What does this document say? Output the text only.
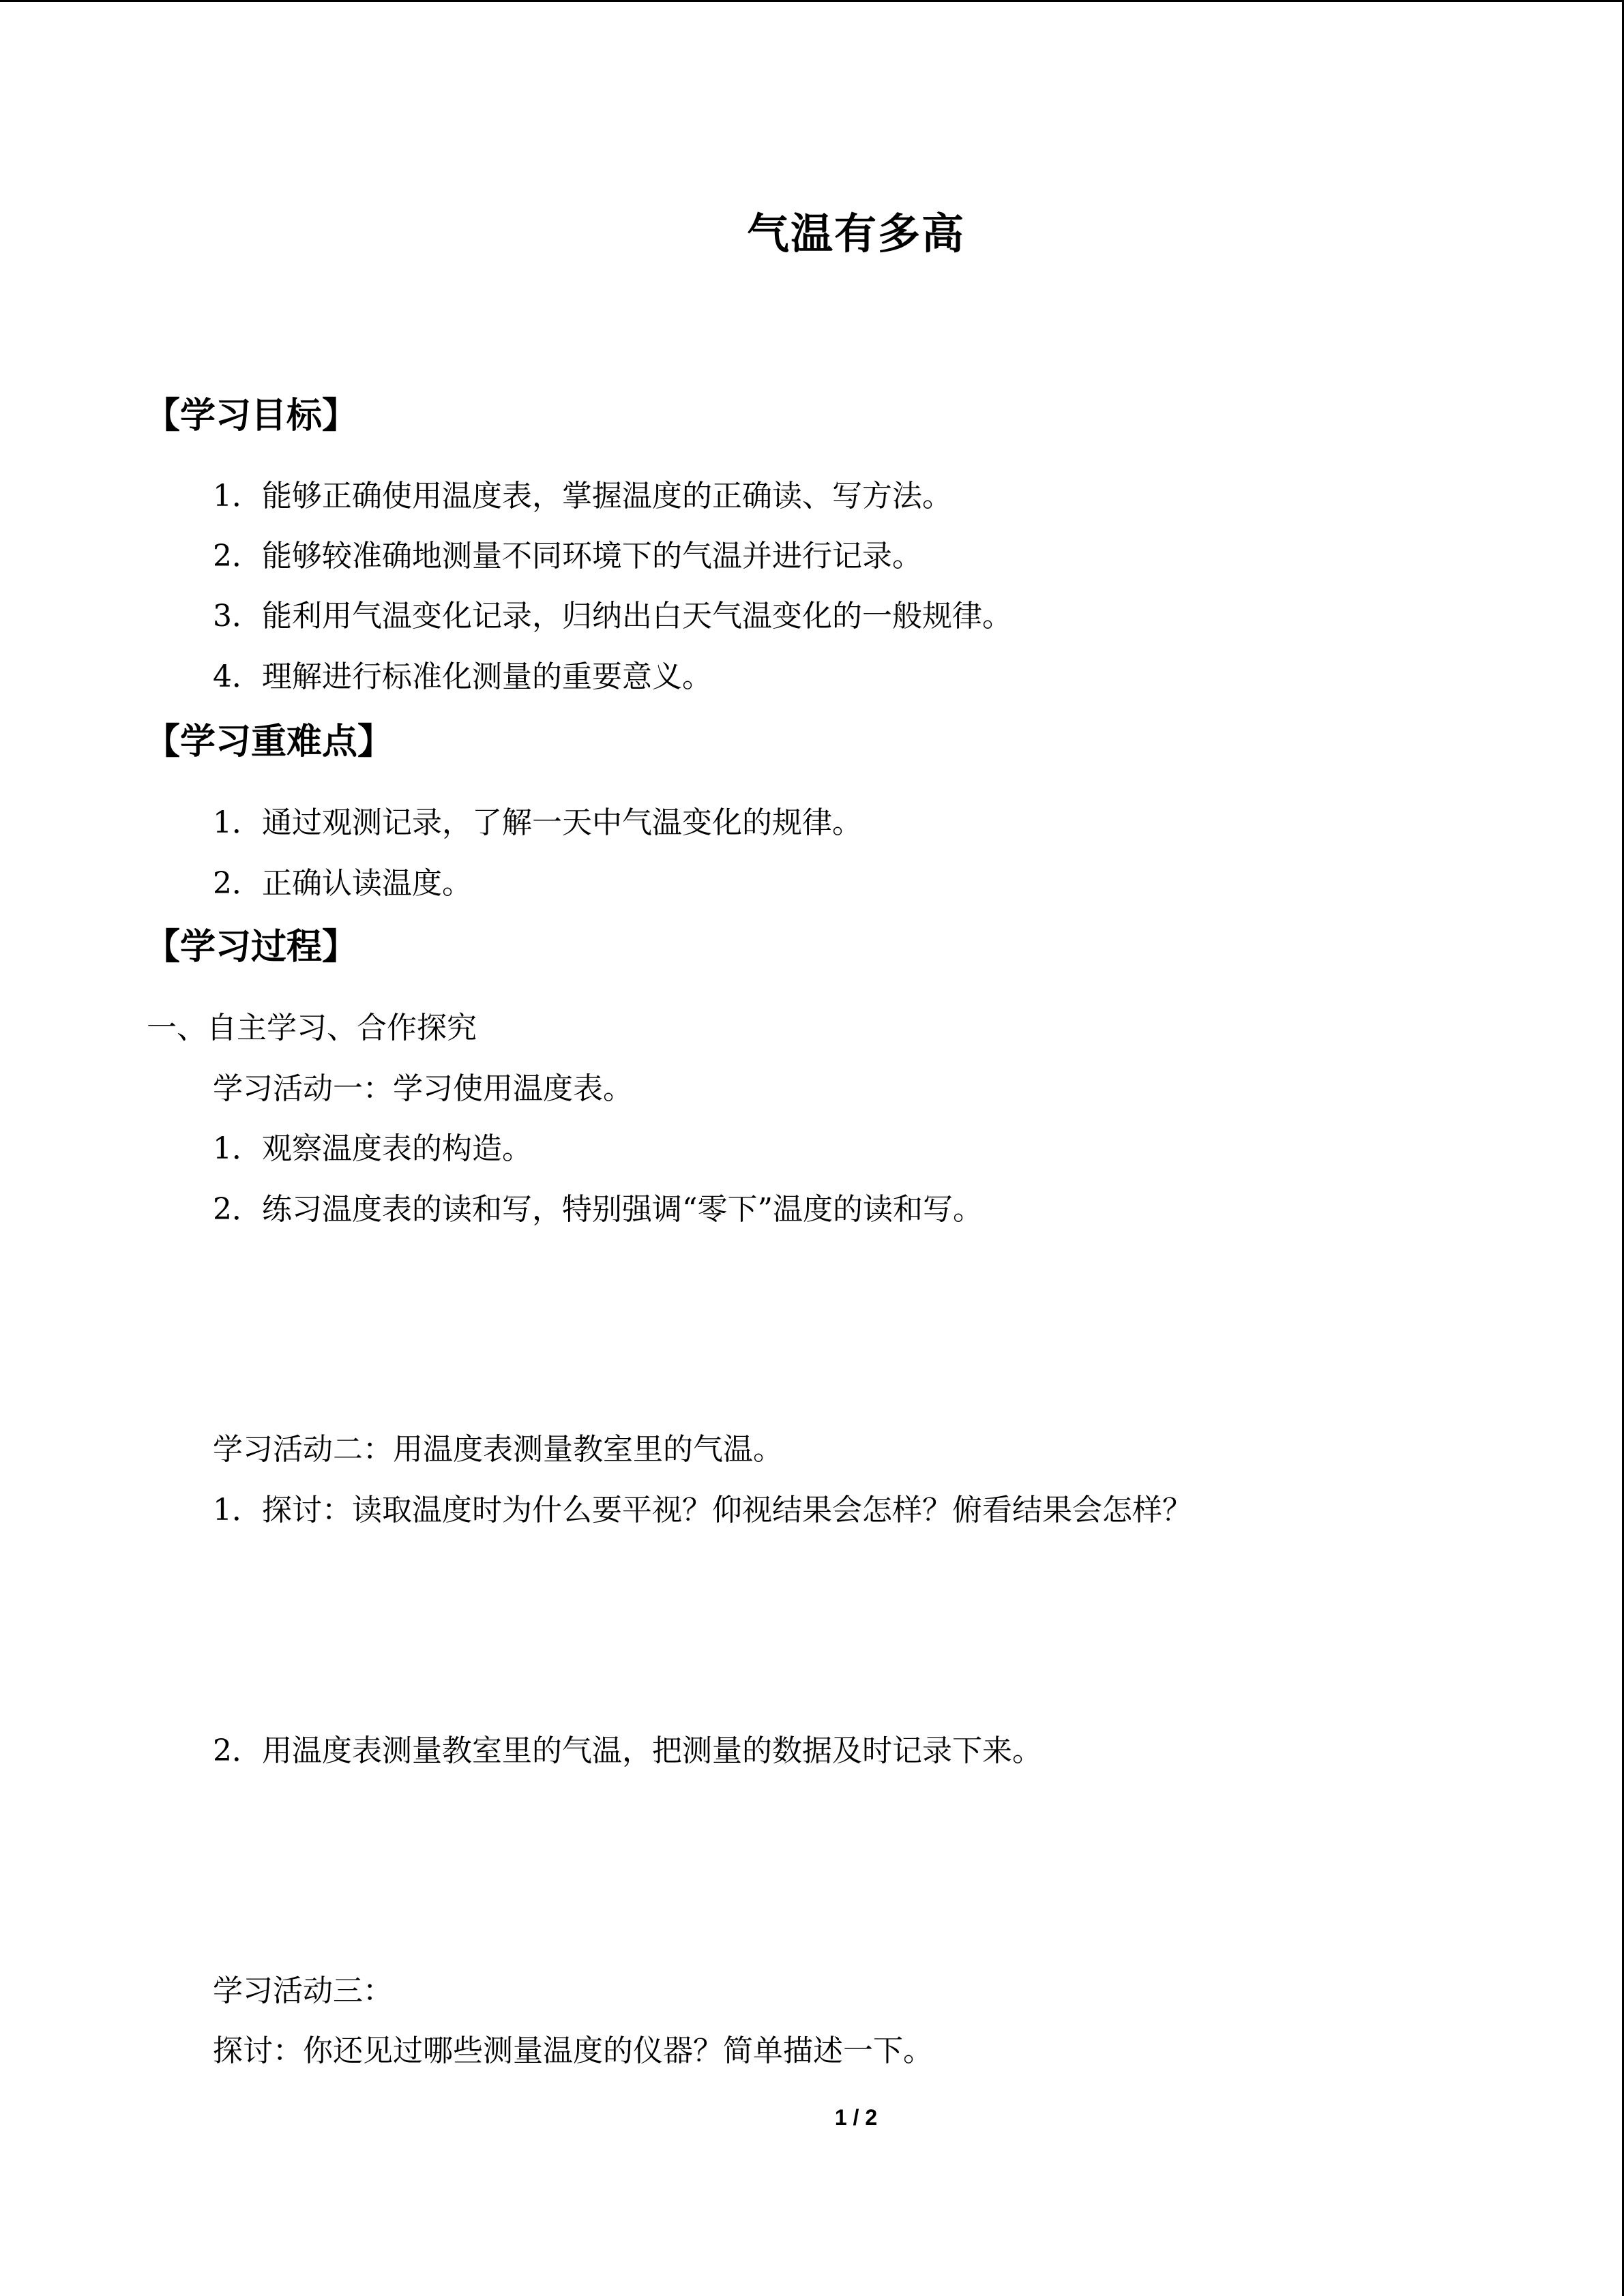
气温有多高
【学习目标】

1．能够正确使用温度表，掌握温度的正确读、写方法。

2．能够较准确地测量不同环境下的气温并进行记录。

3．能利用气温变化记录，归纳出白天气温变化的一般规律。

4．理解进行标准化测量的重要意义。

【学习重难点】

1．通过观测记录，了解一天中气温变化的规律。

2．正确认读温度。

【学习过程】

一、自主学习、合作探究

学习活动一：学习使用温度表。

1．观察温度表的构造。

2．练习温度表的读和写，特别强调“零下”温度的读和写。

学习活动二：用温度表测量教室里的气温。

1．探讨：读取温度时为什么要平视？仰视结果会怎样？俯看结果会怎样？

2．用温度表测量教室里的气温，把测量的数据及时记录下来。

学习活动三：

探讨：你还见过哪些测量温度的仪器？简单描述一下。

1 / 2
